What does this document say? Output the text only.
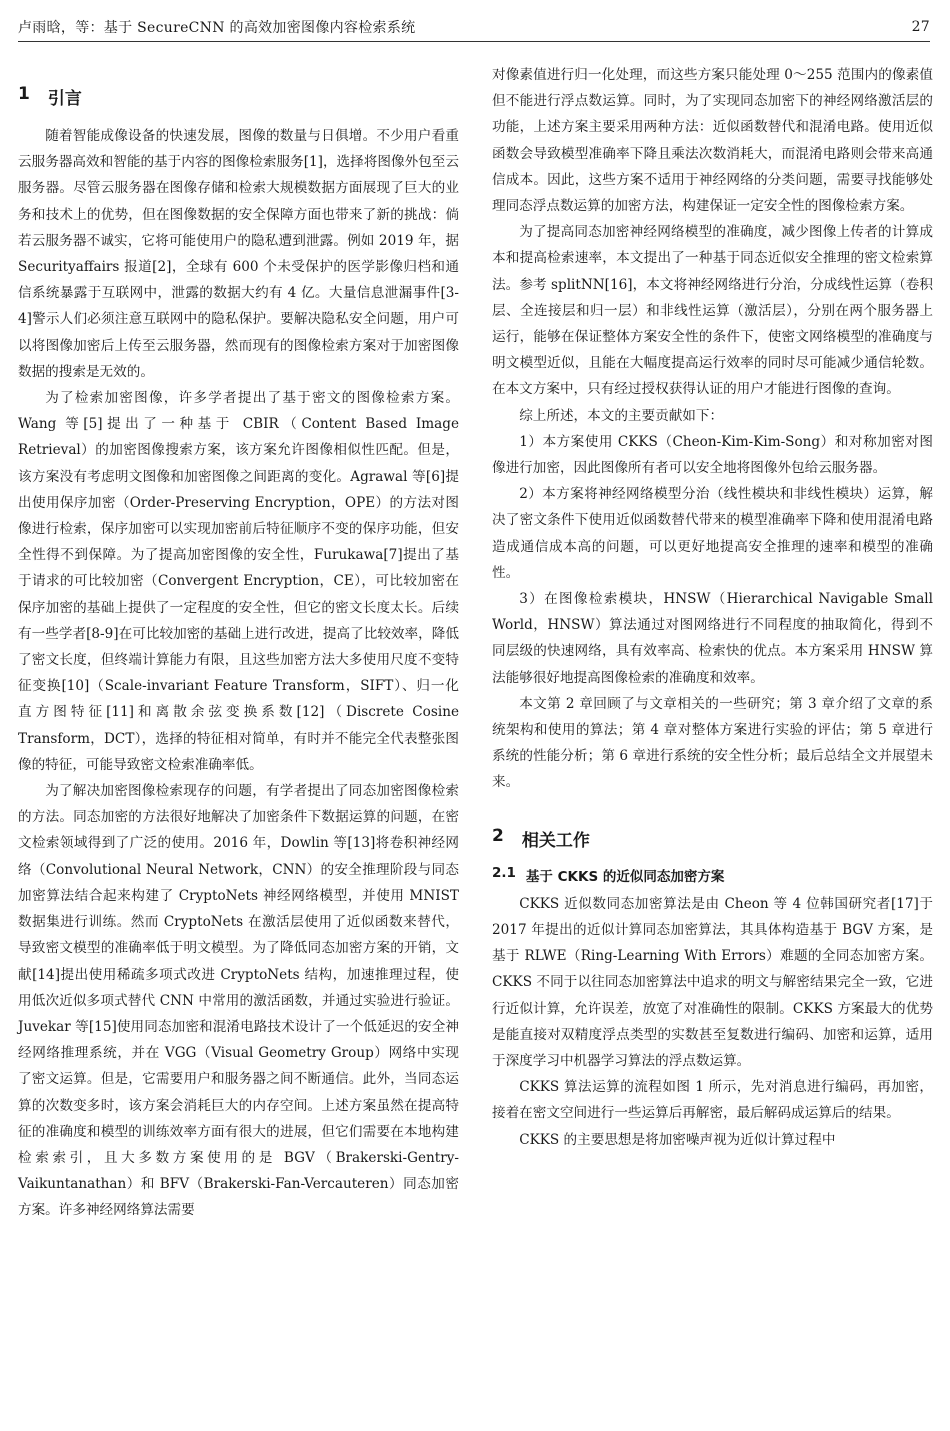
卢雨晗，等：基于 SecureCNN 的高效加密图像内容检索系统	27
1 引言

随着智能成像设备的快速发展，图像的数量与日俱增。不少用户看重云服务器高效和智能的基于内容的图像检索服务[1]，选择将图像外包至云服务器。尽管云服务器在图像存储和检索大规模数据方面展现了巨大的业务和技术上的优势，但在图像数据的安全保障方面也带来了新的挑战：倘若云服务器不诚实，它将可能使用户的隐私遭到泄露。例如 2019 年，据 Securityaffairs 报道[2]，全球有 600 个未受保护的医学影像归档和通信系统暴露于互联网中，泄露的数据大约有 4 亿。大量信息泄漏事件[3-4]警示人们必须注意互联网中的隐私保护。要解决隐私安全问题，用户可以将图像加密后上传至云服务器，然而现有的图像检索方案对于加密图像数据的搜索是无效的。

为了检索加密图像，许多学者提出了基于密文的图像检索方案。Wang 等[5]提出了一种基于 CBIR（Content Based Image Retrieval）的加密图像搜索方案，该方案允许图像相似性匹配。但是，该方案没有考虑明文图像和加密图像之间距离的变化。Agrawal 等[6]提出使用保序加密（Order-Preserving Encryption，OPE）的方法对图像进行检索，保序加密可以实现加密前后特征顺序不变的保序功能，但安全性得不到保障。为了提高加密图像的安全性，Furukawa[7]提出了基于请求的可比较加密（Convergent Encryption，CE），可比较加密在保序加密的基础上提供了一定程度的安全性，但它的密文长度太长。后续有一些学者[8-9]在可比较加密的基础上进行改进，提高了比较效率，降低了密文长度，但终端计算能力有限，且这些加密方法大多使用尺度不变特征变换[10]（Scale-invariant Feature Transform，SIFT）、归一化直方图特征[11]和离散余弦变换系数[12]（Discrete Cosine Transform，DCT），选择的特征相对简单，有时并不能完全代表整张图像的特征，可能导致密文检索准确率低。

为了解决加密图像检索现存的问题，有学者提出了同态加密图像检索的方法。同态加密的方法很好地解决了加密条件下数据运算的问题，在密文检索领域得到了广泛的使用。2016 年，Dowlin 等[13]将卷积神经网络（Convolutional Neural Network，CNN）的安全推理阶段与同态加密算法结合起来构建了 CryptoNets 神经网络模型，并使用 MNIST 数据集进行训练。然而 CryptoNets 在激活层使用了近似函数来替代，导致密文模型的准确率低于明文模型。为了降低同态加密方案的开销，文献[14]提出使用稀疏多项式改进 CryptoNets 结构，加速推理过程，使用低次近似多项式替代 CNN 中常用的激活函数，并通过实验进行验证。Juvekar 等[15]使用同态加密和混淆电路技术设计了一个低延迟的安全神经网络推理系统，并在 VGG（Visual Geometry Group）网络中实现了密文运算。但是，它需要用户和服务器之间不断通信。此外，当同态运算的次数变多时，该方案会消耗巨大的内存空间。上述方案虽然在提高特征的准确度和模型的训练效率方面有很大的进展，但它们需要在本地构建检索索引，且大多数方案使用的是 BGV（Brakerski-Gentry-Vaikuntanathan）和 BFV（Brakerski-Fan-Vercauteren）同态加密方案。许多神经网络算法需要

对像素值进行归一化处理，而这些方案只能处理 0～255 范围内的像素值但不能进行浮点数运算。同时，为了实现同态加密下的神经网络激活层的功能，上述方案主要采用两种方法：近似函数替代和混淆电路。使用近似函数会导致模型准确率下降且乘法次数消耗大，而混淆电路则会带来高通信成本。因此，这些方案不适用于神经网络的分类问题，需要寻找能够处理同态浮点数运算的加密方法，构建保证一定安全性的图像检索方案。

为了提高同态加密神经网络模型的准确度，减少图像上传者的计算成本和提高检索速率，本文提出了一种基于同态近似安全推理的密文检索算法。参考 splitNN[16]，本文将神经网络进行分治，分成线性运算（卷积层、全连接层和归一层）和非线性运算（激活层），分别在两个服务器上运行，能够在保证整体方案安全性的条件下，使密文网络模型的准确度与明文模型近似，且能在大幅度提高运行效率的同时尽可能减少通信轮数。在本文方案中，只有经过授权获得认证的用户才能进行图像的查询。

综上所述，本文的主要贡献如下：

1）本方案使用 CKKS（Cheon-Kim-Kim-Song）和对称加密对图像进行加密，因此图像所有者可以安全地将图像外包给云服务器。

2）本方案将神经网络模型分治（线性模块和非线性模块）运算，解决了密文条件下使用近似函数替代带来的模型准确率下降和使用混淆电路造成通信成本高的问题，可以更好地提高安全推理的速率和模型的准确性。

3）在图像检索模块，HNSW（Hierarchical Navigable Small World，HNSW）算法通过对图网络进行不同程度的抽取简化，得到不同层级的快速网络，具有效率高、检索快的优点。本方案采用 HNSW 算法能够很好地提高图像检索的准确度和效率。

本文第 2 章回顾了与文章相关的一些研究；第 3 章介绍了文章的系统架构和使用的算法；第 4 章对整体方案进行实验的评估；第 5 章进行系统的性能分析；第 6 章进行系统的安全性分析；最后总结全文并展望未来。

2 相关工作
2.1 基于 CKKS 的近似同态加密方案

CKKS 近似数同态加密算法是由 Cheon 等 4 位韩国研究者[17]于 2017 年提出的近似计算同态加密算法，其具体构造基于 BGV 方案，是基于 RLWE（Ring-Learning With Errors）难题的全同态加密方案。CKKS 不同于以往同态加密算法中追求的明文与解密结果完全一致，它进行近似计算，允许误差，放宽了对准确性的限制。CKKS 方案最大的优势是能直接对双精度浮点类型的实数甚至复数进行编码、加密和运算，适用于深度学习中机器学习算法的浮点数运算。

CKKS 算法运算的流程如图 1 所示，先对消息进行编码，再加密，接着在密文空间进行一些运算后再解密，最后解码成运算后的结果。

CKKS 的主要思想是将加密噪声视为近似计算过程中
